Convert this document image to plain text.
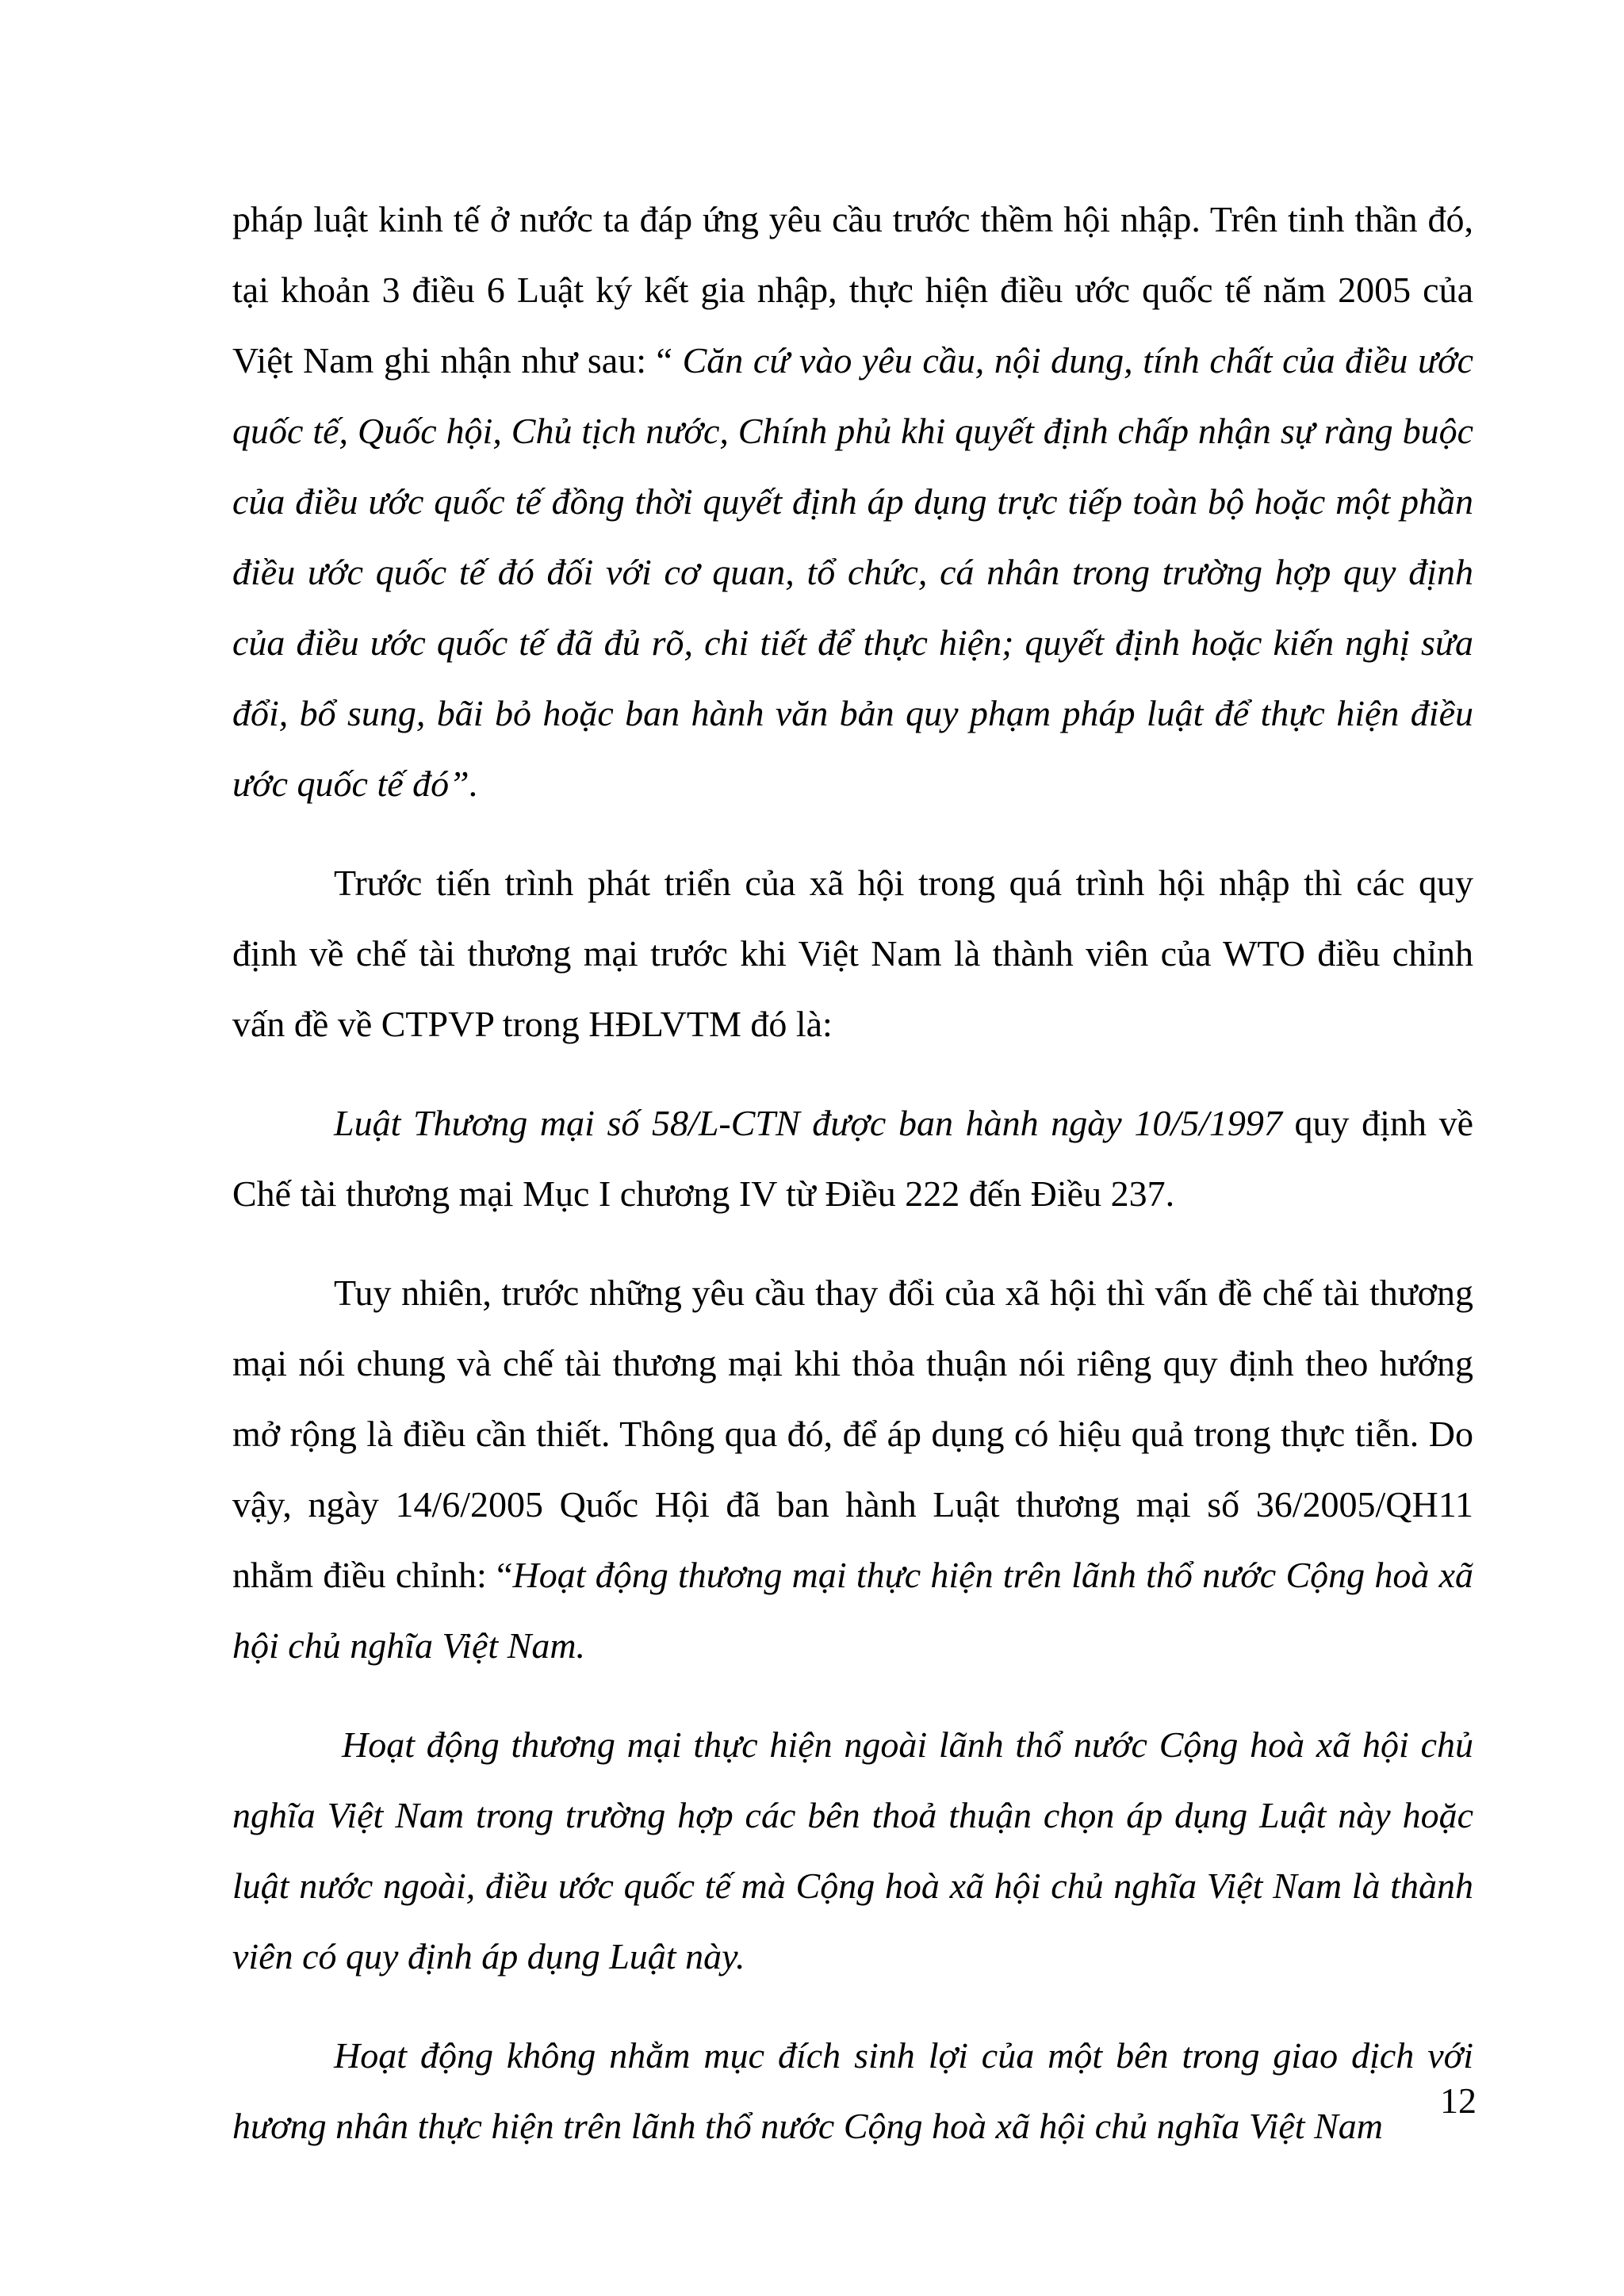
pháp luật kinh tế ở nước ta đáp ứng yêu cầu trước thềm hội nhập. Trên tinh thần đó, tại khoản 3 điều 6 Luật ký kết gia nhập, thực hiện điều ước quốc tế năm 2005 của Việt Nam ghi nhận như sau: “ Căn cứ vào yêu cầu, nội dung, tính chất của điều ước quốc tế, Quốc hội, Chủ tịch nước, Chính phủ khi quyết định chấp nhận sự ràng buộc của điều ước quốc tế đồng thời quyết định áp dụng trực tiếp toàn bộ hoặc một phần điều ước quốc tế đó đối với cơ quan, tổ chức, cá nhân trong trường hợp quy định của điều ước quốc tế đã đủ rõ, chi tiết để thực hiện; quyết định hoặc kiến nghị sửa đổi, bổ sung, bãi bỏ hoặc ban hành văn bản quy phạm pháp luật để thực hiện điều ước quốc tế đó”.

Trước tiến trình phát triển của xã hội trong quá trình hội nhập thì các quy định về chế tài thương mại trước khi Việt Nam là thành viên của WTO điều chỉnh vấn đề về CTPVP trong HĐLVTM đó là:

Luật Thương mại số 58/L-CTN được ban hành ngày 10/5/1997 quy định về Chế tài thương mại Mục I chương IV từ Điều 222 đến Điều 237.

Tuy nhiên, trước những yêu cầu thay đổi của xã hội thì vấn đề chế tài thương mại nói chung và chế tài thương mại khi thỏa thuận nói riêng quy định theo hướng mở rộng là điều cần thiết. Thông qua đó, để áp dụng có hiệu quả trong thực tiễn. Do vậy, ngày 14/6/2005 Quốc Hội đã ban hành Luật thương mại số 36/2005/QH11 nhằm điều chỉnh: “Hoạt động thương mại thực hiện trên lãnh thổ nước Cộng hoà xã hội chủ nghĩa Việt Nam.

Hoạt động thương mại thực hiện ngoài lãnh thổ nước Cộng hoà xã hội chủ nghĩa Việt Nam trong trường hợp các bên thoả thuận chọn áp dụng Luật này hoặc luật nước ngoài, điều ước quốc tế mà Cộng hoà xã hội chủ nghĩa Việt Nam là thành viên có quy định áp dụng Luật này.

Hoạt động không nhằm mục đích sinh lợi của một bên trong giao dịch với hương nhân thực hiện trên lãnh thổ nước Cộng hoà xã hội chủ nghĩa Việt Nam

12
